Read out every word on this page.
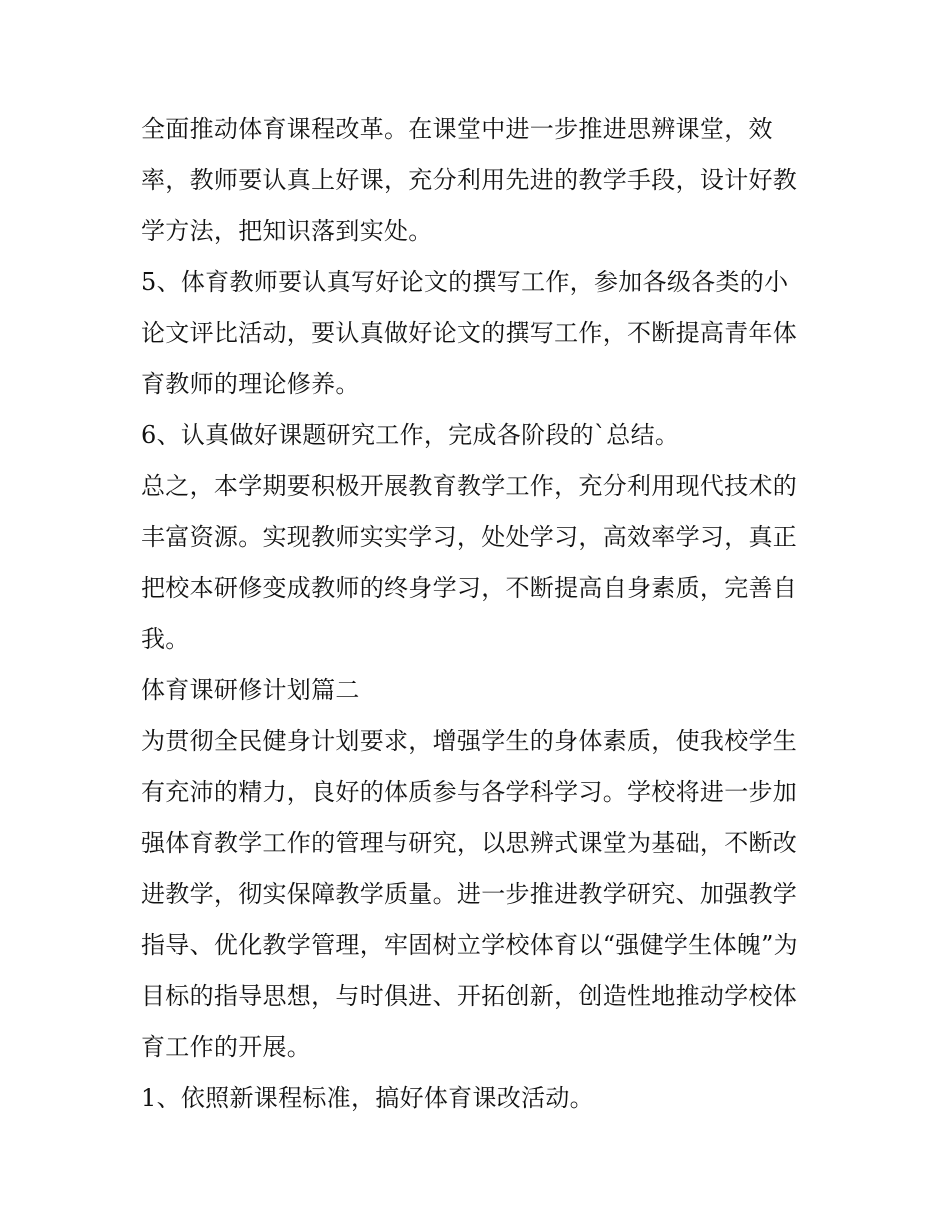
全面推动体育课程改革。在课堂中进一步推进思辨课堂，效
率，教师要认真上好课，充分利用先进的教学手段，设计好教
学方法，把知识落到实处。
5、体育教师要认真写好论文的撰写工作，参加各级各类的小
论文评比活动，要认真做好论文的撰写工作，不断提高青年体
育教师的理论修养。
6、认真做好课题研究工作，完成各阶段的`总结。
总之，本学期要积极开展教育教学工作，充分利用现代技术的
丰富资源。实现教师实实学习，处处学习，高效率学习，真正
把校本研修变成教师的终身学习，不断提高自身素质，完善自
我。
体育课研修计划篇二
为贯彻全民健身计划要求，增强学生的身体素质，使我校学生
有充沛的精力，良好的体质参与各学科学习。学校将进一步加
强体育教学工作的管理与研究，以思辨式课堂为基础，不断改
进教学，彻实保障教学质量。进一步推进教学研究、加强教学
指导、优化教学管理，牢固树立学校体育以“强健学生体魄”为
目标的指导思想，与时俱进、开拓创新，创造性地推动学校体
育工作的开展。
1、依照新课程标准，搞好体育课改活动。
